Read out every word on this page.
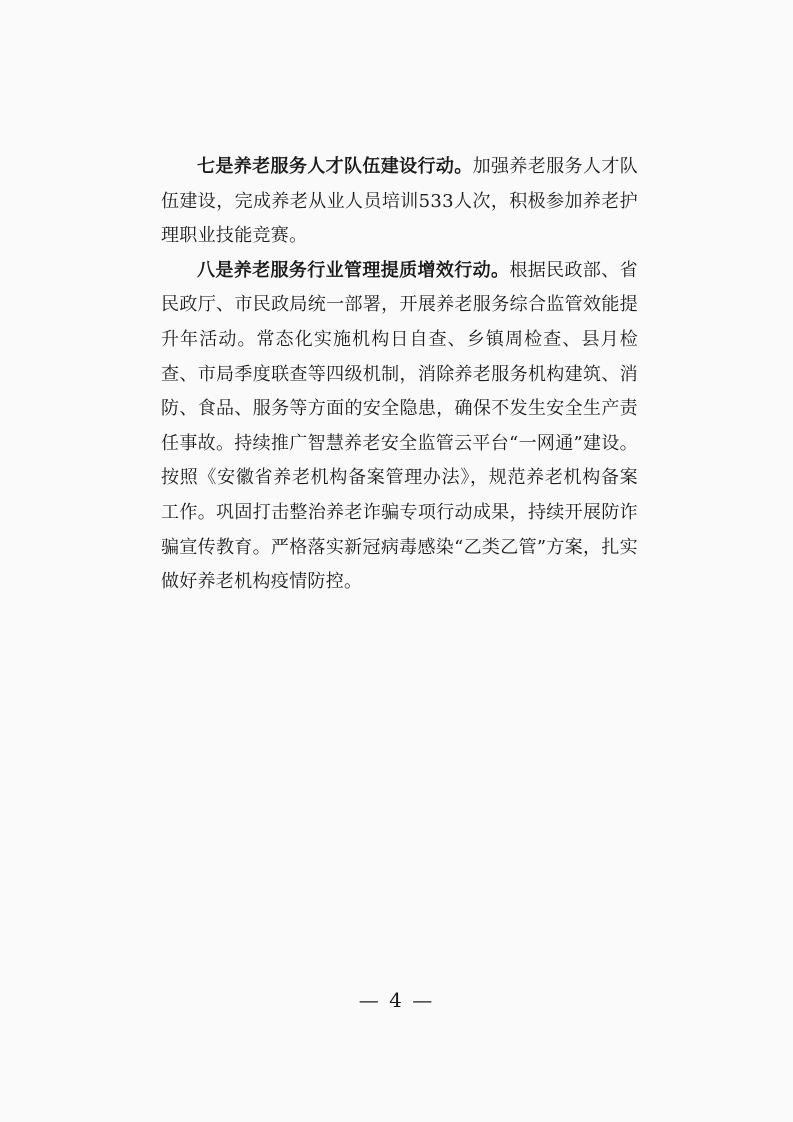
七是养老服务人才队伍建设行动。加强养老服务人才队伍建设，完成养老从业人员培训533人次，积极参加养老护理职业技能竞赛。

八是养老服务行业管理提质增效行动。根据民政部、省民政厅、市民政局统一部署，开展养老服务综合监管效能提升年活动。常态化实施机构日自查、乡镇周检查、县月检查、市局季度联查等四级机制，消除养老服务机构建筑、消防、食品、服务等方面的安全隐患，确保不发生安全生产责任事故。持续推广智慧养老安全监管云平台“一网通”建设。按照《安徽省养老机构备案管理办法》，规范养老机构备案工作。巩固打击整治养老诈骗专项行动成果，持续开展防诈骗宣传教育。严格落实新冠病毒感染“乙类乙管”方案，扎实做好养老机构疫情防控。

— 4 —
